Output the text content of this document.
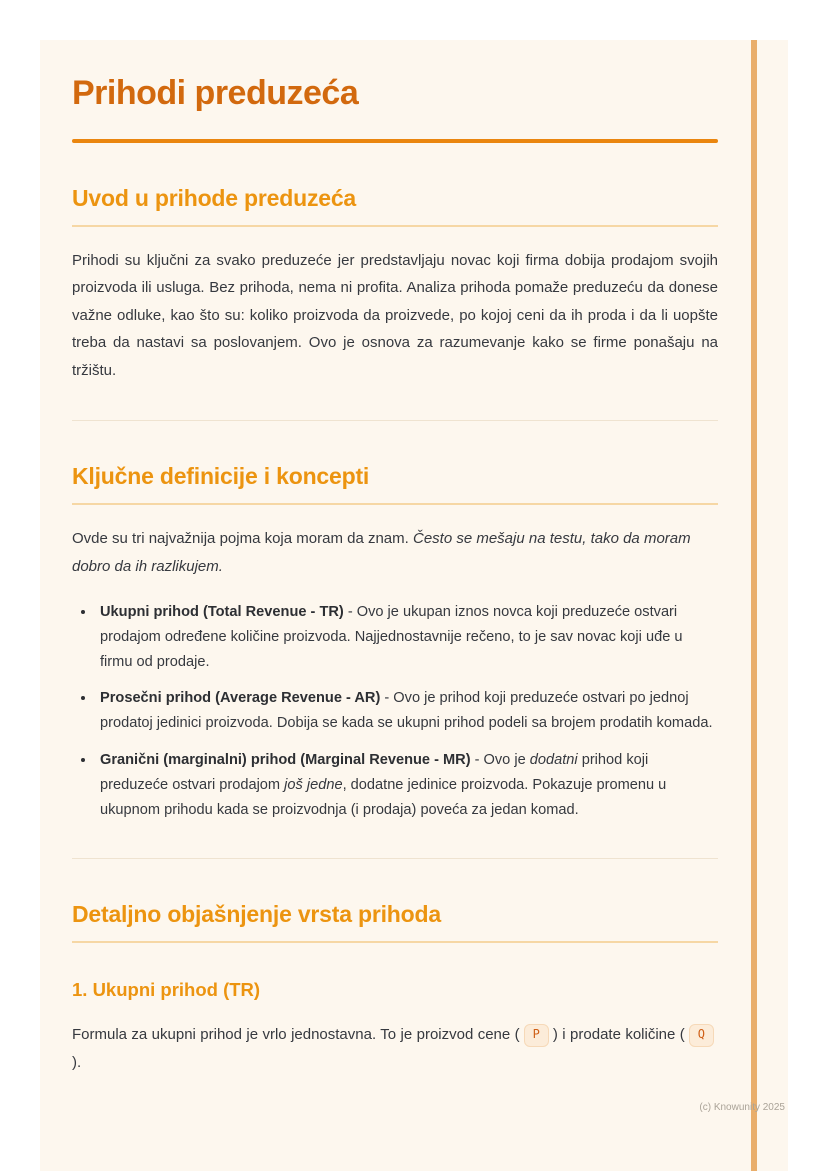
Prihodi preduzeća
Uvod u prihode preduzeća

Prihodi su ključni za svako preduzeće jer predstavljaju novac koji firma dobija prodajom svojih proizvoda ili usluga. Bez prihoda, nema ni profita. Analiza prihoda pomaže preduzeću da donese važne odluke, kao što su: koliko proizvoda da proizvede, po kojoj ceni da ih proda i da li uopšte treba da nastavi sa poslovanjem. Ovo je osnova za razumevanje kako se firme ponašaju na tržištu.

Ključne definicije i koncepti

Ovde su tri najvažnija pojma koja moram da znam. Često se mešaju na testu, tako da moram dobro da ih razlikujem.

• Ukupni prihod (Total Revenue - TR) - Ovo je ukupan iznos novca koji preduzeće ostvari prodajom određene količine proizvoda. Najjednostavnije rečeno, to je sav novac koji uđe u firmu od prodaje.
• Prosečni prihod (Average Revenue - AR) - Ovo je prihod koji preduzeće ostvari po jednoj prodatoj jedinici proizvoda. Dobija se kada se ukupni prihod podeli sa brojem prodatih komada.
• Granični (marginalni) prihod (Marginal Revenue - MR) - Ovo je dodatni prihod koji preduzeće ostvari prodajom još jedne, dodatne jedinice proizvoda. Pokazuje promenu u ukupnom prihodu kada se proizvodnja (i prodaja) poveća za jedan komad.
Detaljno objašnjenje vrsta prihoda
1. Ukupni prihod (TR)

Formula za ukupni prihod je vrlo jednostavna. To je proizvod cene ( P ) i prodate količine ( Q).

(c) Knowunity 2025
